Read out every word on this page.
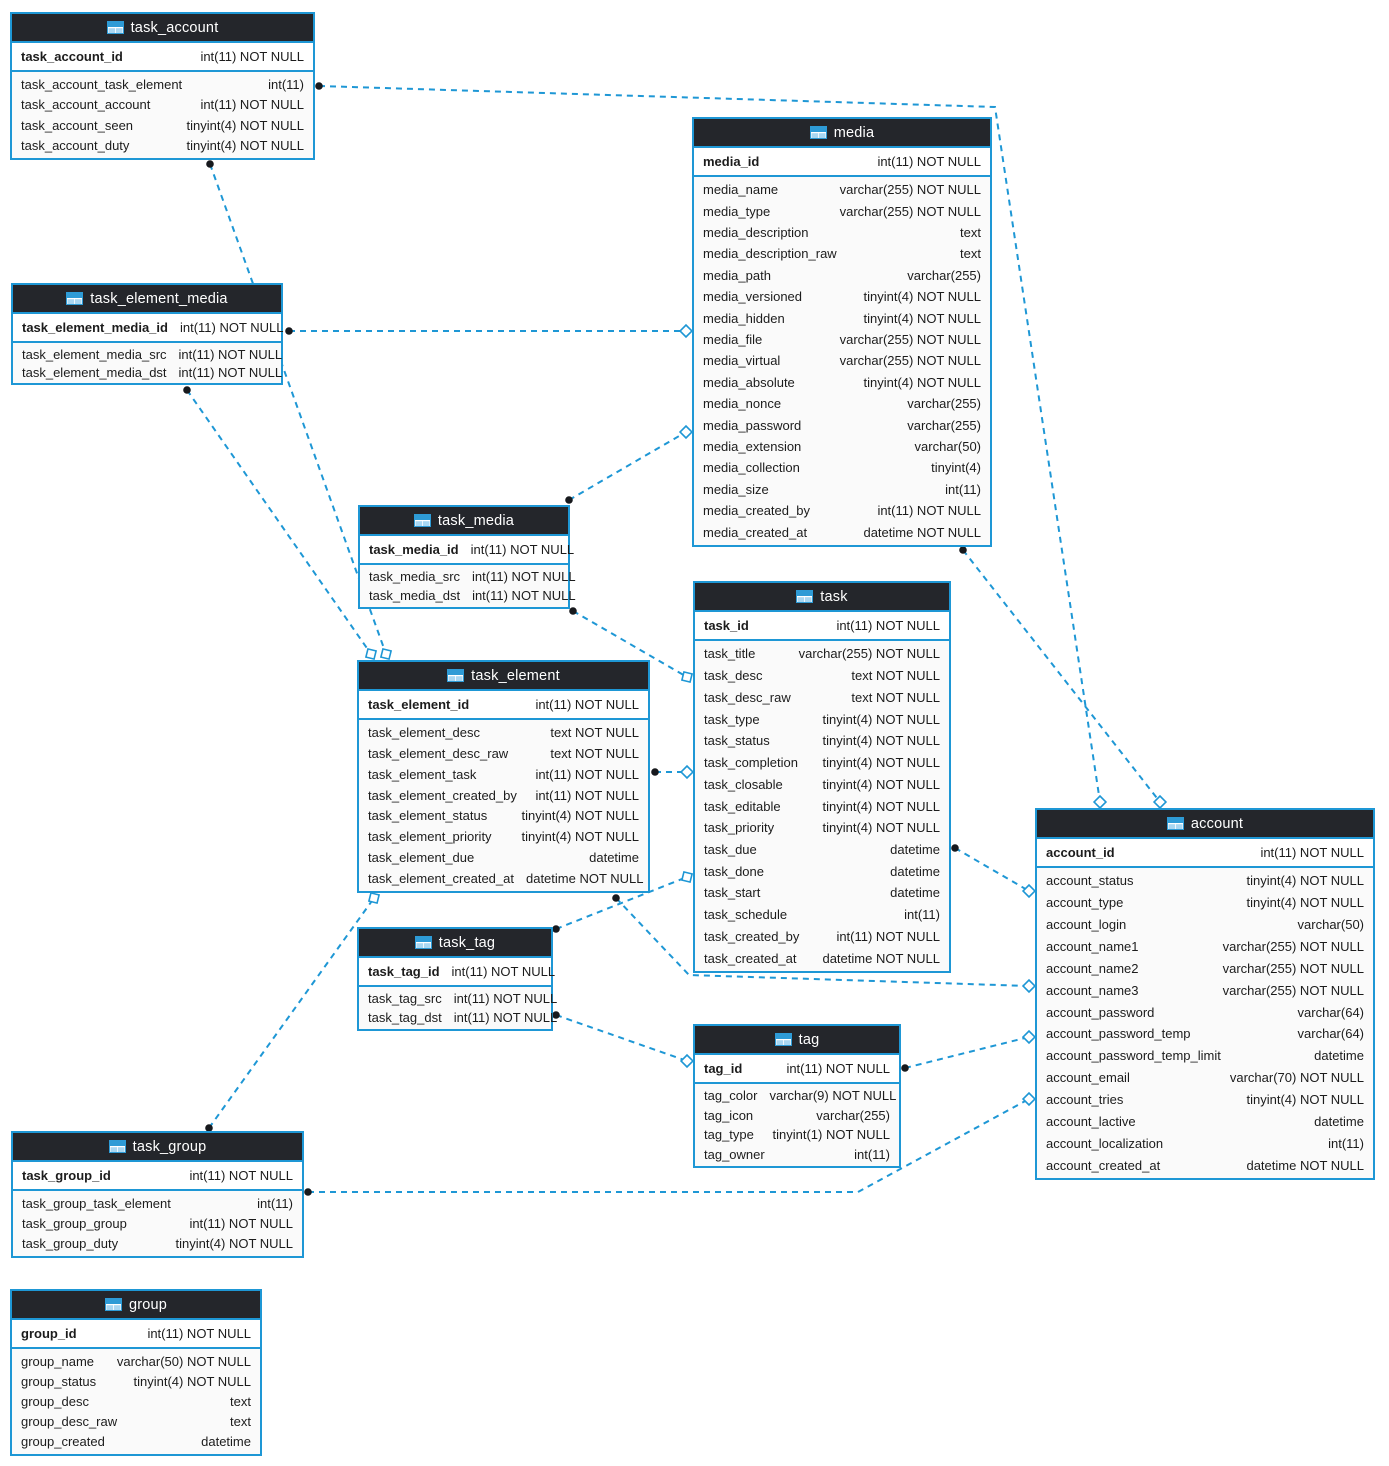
task_account
task_account_id	int(11) NOT NULL
task_account_task_element	int(11)
task_account_account	int(11) NOT NULL
task_account_seen	tinyint(4) NOT NULL
task_account_duty	tinyint(4) NOT NULL
task_element_media
task_element_media_id int(11) NOT NULL
task_element_media_src int(11) NOT NULL
task_element_media_dst int(11) NOT NULL
media
media_id	int(11) NOT NULL
media_name	varchar(255) NOT NULL
media_type	varchar(255) NOT NULL
media_description	text
media_description_raw	text
media_path	varchar(255)
media_versioned	tinyint(4) NOT NULL
media_hidden	tinyint(4) NOT NULL
media_file	varchar(255) NOT NULL
media_virtual	varchar(255) NOT NULL
media_absolute	tinyint(4) NOT NULL
media_nonce	varchar(255)
media_password	varchar(255)
media_extension	varchar(50)
media_collection	tinyint(4)
media_size	int(11)
media_created_by	int(11) NOT NULL
media_created_at	datetime NOT NULL
task_media
task_media_id int(11) NOT NULL
task_media_src int(11) NOT NULL
task_media_dst int(11) NOT NULL
task_element
task_element_id	int(11) NOT NULL
task_element_desc	text NOT NULL
task_element_desc_raw	text NOT NULL
task_element_task	int(11) NOT NULL
task_element_created_by int(11) NOT NULL
task_element_status	tinyint(4) NOT NULL
task_element_priority tinyint(4) NOT NULL
task_element_due	datetime
task_element_created_at datetime NOT NULL
task
task_id	int(11) NOT NULL
task_title	varchar(255) NOT NULL
task_desc	text NOT NULL
task_desc_raw	text NOT NULL
task_type	tinyint(4) NOT NULL
task_status	tinyint(4) NOT NULL
task_completion tinyint(4) NOT NULL
task_closable	tinyint(4) NOT NULL
task_editable	tinyint(4) NOT NULL
task_priority	tinyint(4) NOT NULL
task_due	datetime
task_done	datetime
task_start	datetime
task_schedule	int(11)
task_created_by	int(11) NOT NULL
task_created_at datetime NOT NULL
task_tag
task_tag_id int(11) NOT NULL
task_tag_src int(11) NOT NULL
task_tag_dst int(11) NOT NULL
tag
tag_id	int(11) NOT NULL
tag_color varchar(9) NOT NULL
tag_icon	varchar(255)
tag_type tinyint(1) NOT NULL
tag_owner	int(11)
task_group
task_group_id	int(11) NOT NULL
task_group_task_element	int(11)
task_group_group	int(11) NOT NULL
task_group_duty	tinyint(4) NOT NULL
group
group_id	int(11) NOT NULL
group_name varchar(50) NOT NULL
group_status	tinyint(4) NOT NULL
group_desc	text
group_desc_raw	text
group_created	datetime
account
account_id	int(11) NOT NULL
account_status	tinyint(4) NOT NULL
account_type	tinyint(4) NOT NULL
account_login	varchar(50)
account_name1	varchar(255) NOT NULL
account_name2	varchar(255) NOT NULL
account_name3	varchar(255) NOT NULL
account_password	varchar(64)
account_password_temp	varchar(64)
account_password_temp_limit	datetime
account_email	varchar(70) NOT NULL
account_tries	tinyint(4) NOT NULL
account_lactive	datetime
account_localization	int(11)
account_created_at	datetime NOT NULL
